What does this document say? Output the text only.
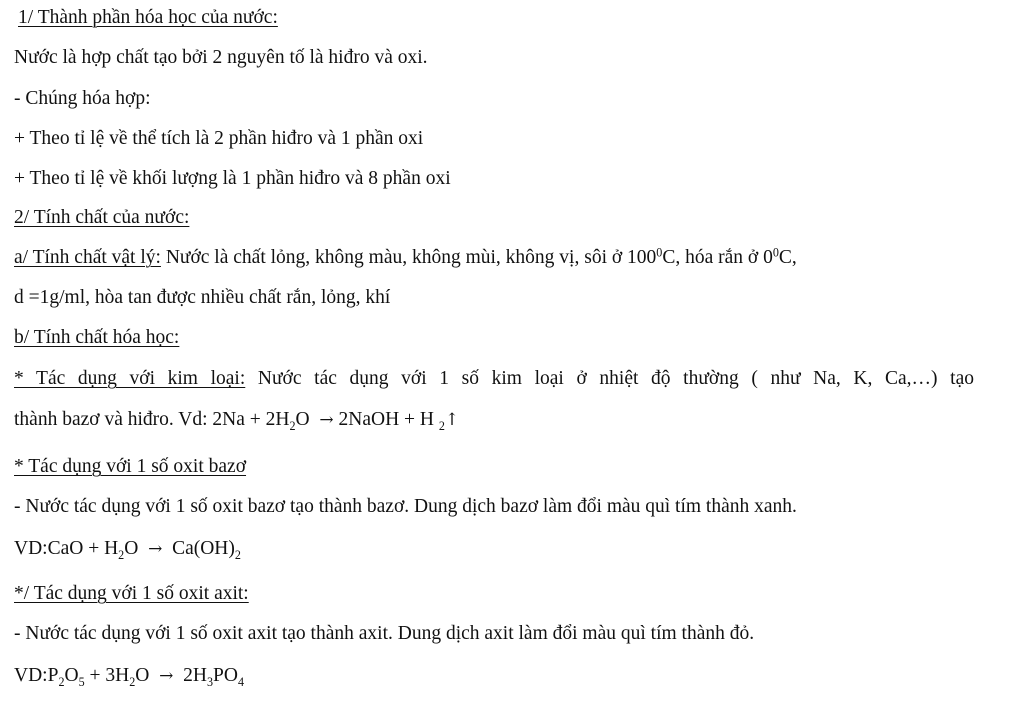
1/ Thành phần hóa học của nước:
Nước là hợp chất tạo bởi 2 nguyên tố là hiđro và oxi.
- Chúng hóa hợp:
+ Theo tỉ lệ về thể tích là 2 phần hiđro và 1 phần oxi
+ Theo tỉ lệ về khối lượng là 1 phần hiđro và 8 phần oxi
2/ Tính chất của nước:
a/ Tính chất vật lý: Nước là chất lỏng, không màu, không mùi, không vị, sôi ở $100^0C$, hóa rắn ở $0^0C$,
d =1g/ml, hòa tan được nhiều chất rắn, lỏng, khí
b/ Tính chất hóa học:
* Tác dụng với kim loại: Nước tác dụng với 1 số kim loại ở nhiệt độ thường ( như Na, K, Ca,…) tạo
thành bazơ và hiđro. Vd: $2Na + 2H_2O$ → 2NaOH + H $_2$↑
* Tác dụng với 1 số oxit bazơ
- Nước tác dụng với 1 số oxit bazơ tạo thành bazơ. Dung dịch bazơ làm đổi màu quì tím thành xanh.
VD:CaO + $H_2O \to Ca(OH)_2$
*/ Tác dụng với 1 số oxit axit:
- Nước tác dụng với 1 số oxit axit tạo thành axit. Dung dịch axit làm đổi màu quì tím thành đỏ.
$VD:P_2O_5 + 3H_2O \to 2H_3PO_4$
